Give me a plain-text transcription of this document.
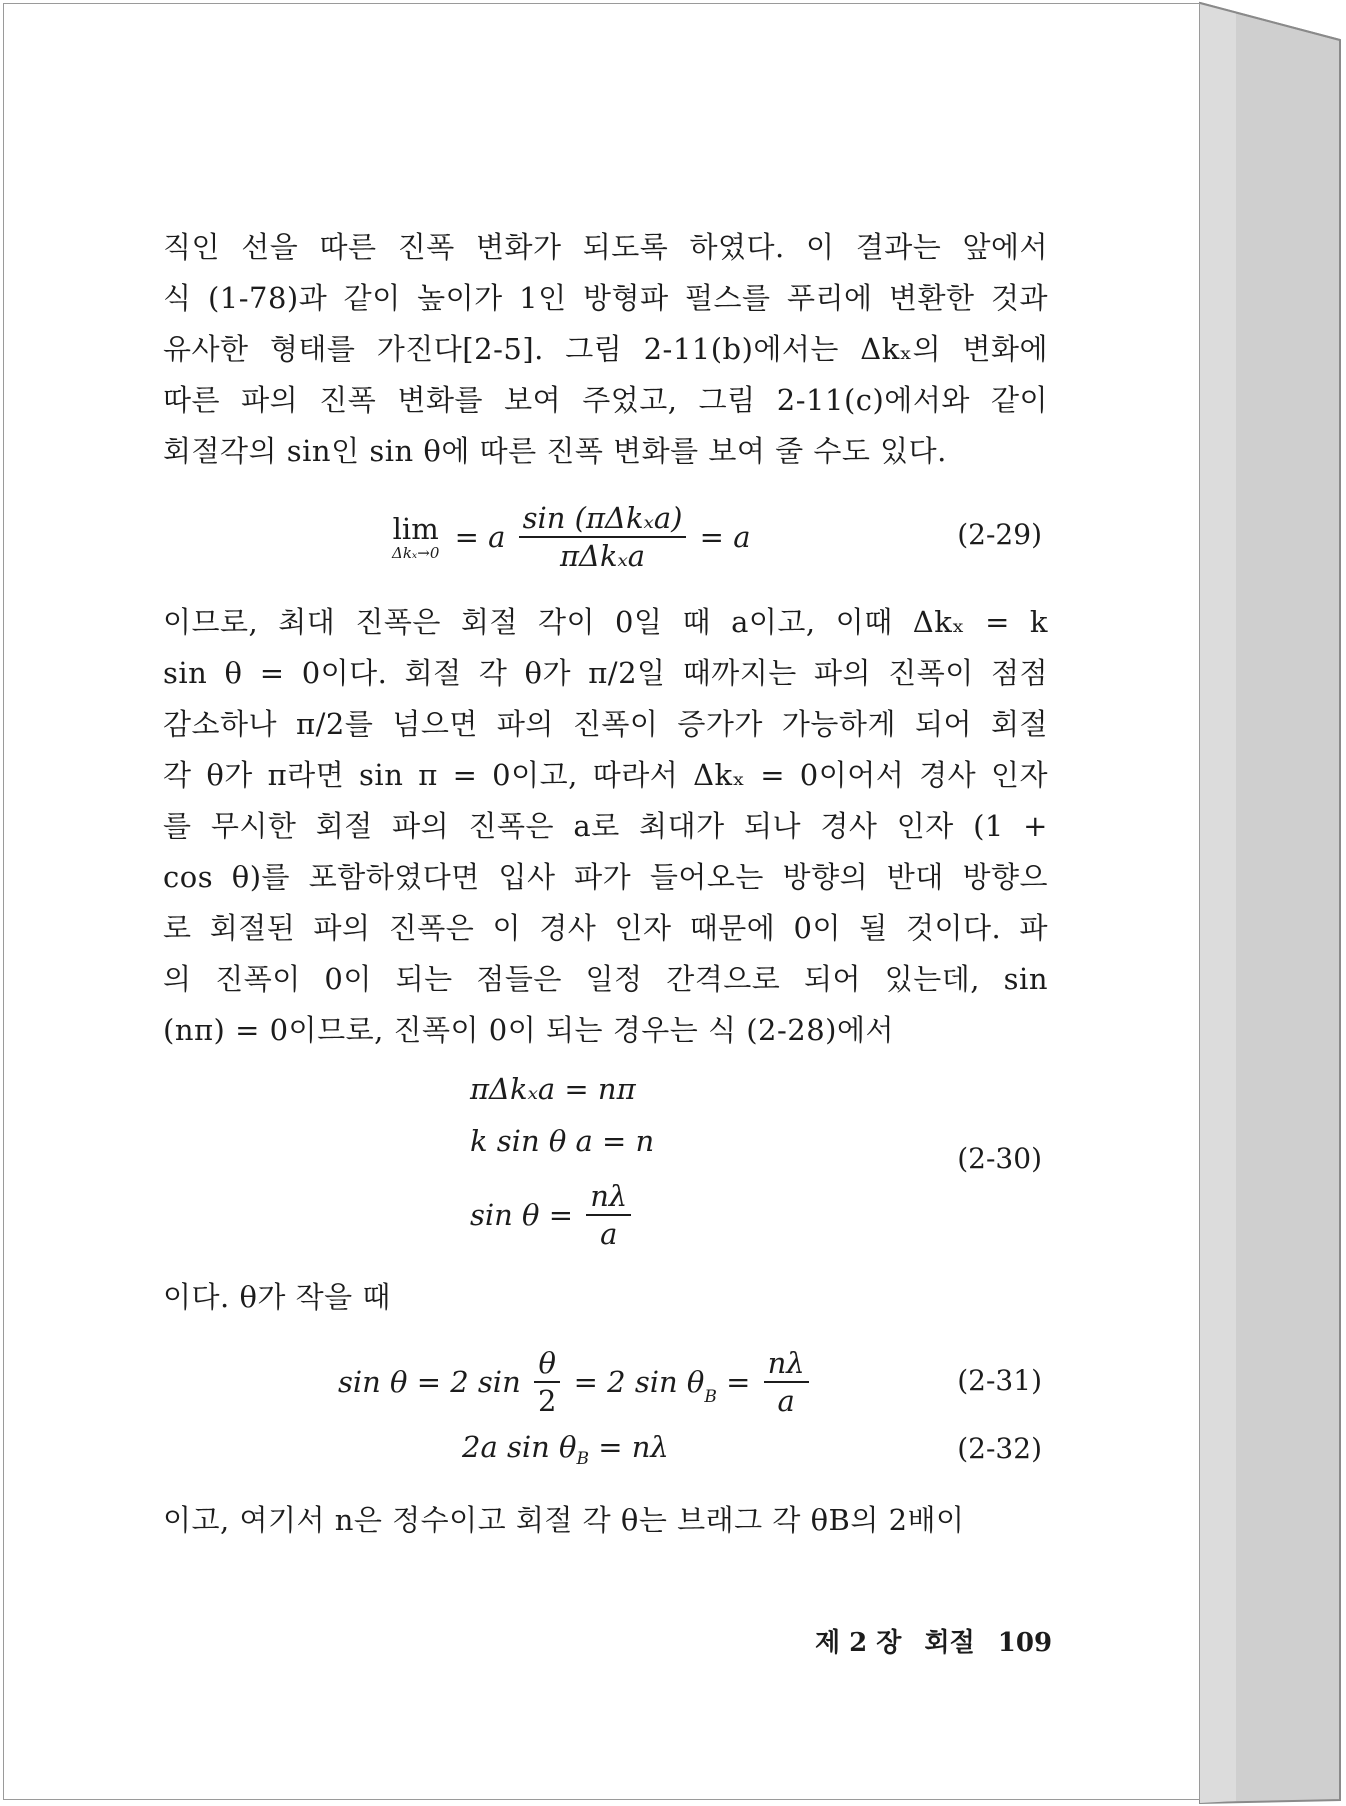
직인 선을 따른 진폭 변화가 되도록 하였다. 이 결과는 앞에서
식 (1-78)과 같이 높이가 1인 방형파 펄스를 푸리에 변환한 것과
유사한 형태를 가진다[2-5]. 그림 2-11(b)에서는 Δkₓ의 변화에
따른 파의 진폭 변화를 보여 주었고, 그림 2-11(c)에서와 같이
회절각의 sin인 sin θ에 따른 진폭 변화를 보여 줄 수도 있다.
lim
Δkₓ→0 = a $\frac{\text{sin (πΔkₓa)}}{\text{πΔkₓa}} = a$	(2-29)
이므로, 최대 진폭은 회절 각이 0일 때 a이고, 이때 Δkₓ = k
sin θ = 0이다. 회절 각 θ가 π/2일 때까지는 파의 진폭이 점점
감소하나 π/2를 넘으면 파의 진폭이 증가가 가능하게 되어 회절
각 θ가 π라면 sin π = 0이고, 따라서 Δkₓ = 0이어서 경사 인자
를 무시한 회절 파의 진폭은 a로 최대가 되나 경사 인자 (1 +
cos θ)를 포함하였다면 입사 파가 들어오는 방향의 반대 방향으
로 회절된 파의 진폭은 이 경사 인자 때문에 0이 될 것이다. 파
의 진폭이 0이 되는 점들은 일정 간격으로 되어 있는데, sin
(nπ) = 0이므로, 진폭이 0이 되는 경우는 식 (2-28)에서
πΔkₓa = nπ
k sin θ a = n
$\sin \theta = \frac{n\lambda}{a}$
(2-30)
이다. θ가 작을 때
sin θ = 2 $\sin \frac{\theta}{2} = 2$ $\sin \theta_B = \frac{n\lambda}{a}$	(2-31)
2a $\sin \theta_B = n\lambda$	(2-32)
이고, 여기서 n은 정수이고 회절 각 θ는 브래그 각 θB의 2배이
제 2 장 회절 109
